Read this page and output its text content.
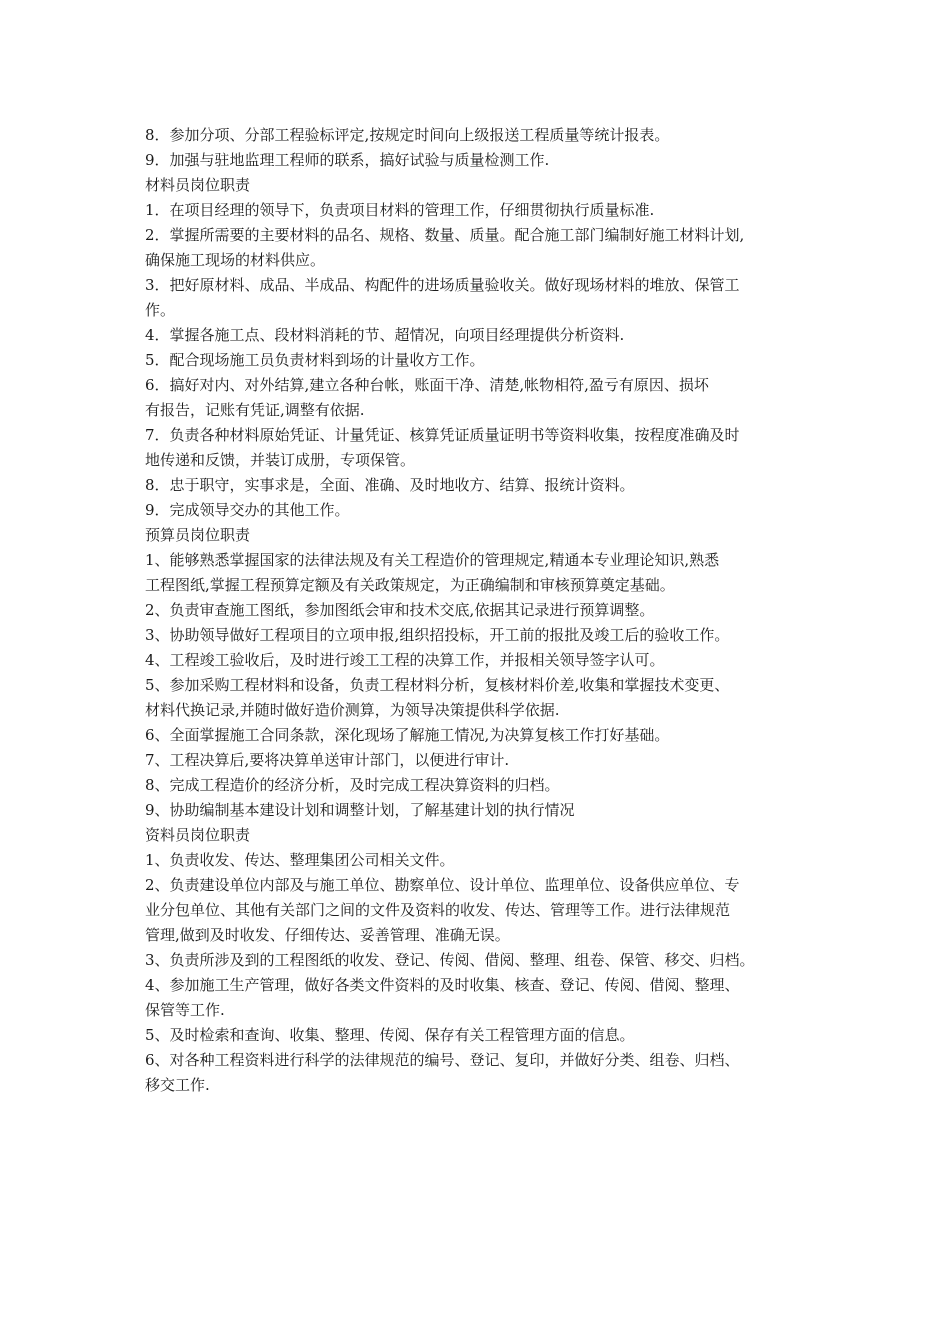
8．参加分项、分部工程验标评定,按规定时间向上级报送工程质量等统计报表。
9．加强与驻地监理工程师的联系，搞好试验与质量检测工作.
材料员岗位职责
1．在项目经理的领导下，负责项目材料的管理工作，仔细贯彻执行质量标准.
2．掌握所需要的主要材料的品名、规格、数量、质量。配合施工部门编制好施工材料计划,
确保施工现场的材料供应。
3．把好原材料、成品、半成品、构配件的进场质量验收关。做好现场材料的堆放、保管工
作。
4．掌握各施工点、段材料消耗的节、超情况，向项目经理提供分析资料.
5．配合现场施工员负责材料到场的计量收方工作。
6．搞好对内、对外结算,建立各种台帐，账面干净、清楚,帐物相符,盈亏有原因、损坏
有报告，记账有凭证,调整有依据.
7．负责各种材料原始凭证、计量凭证、核算凭证质量证明书等资料收集，按程度准确及时
地传递和反馈，并装订成册，专项保管。
8．忠于职守，实事求是，全面、准确、及时地收方、结算、报统计资料。
9．完成领导交办的其他工作。
预算员岗位职责
1、能够熟悉掌握国家的法律法规及有关工程造价的管理规定,精通本专业理论知识,熟悉
工程图纸,掌握工程预算定额及有关政策规定，为正确编制和审核预算奠定基础。
2、负责审查施工图纸，参加图纸会审和技术交底,依据其记录进行预算调整。
3、协助领导做好工程项目的立项申报,组织招投标，开工前的报批及竣工后的验收工作。
4、工程竣工验收后，及时进行竣工工程的决算工作，并报相关领导签字认可。
5、参加采购工程材料和设备，负责工程材料分析，复核材料价差,收集和掌握技术变更、
材料代换记录,并随时做好造价测算，为领导决策提供科学依据.
6、全面掌握施工合同条款，深化现场了解施工情况,为决算复核工作打好基础。
7、工程决算后,要将决算单送审计部门，以便进行审计.
8、完成工程造价的经济分析，及时完成工程决算资料的归档。
9、协助编制基本建设计划和调整计划，了解基建计划的执行情况
资料员岗位职责
1、负责收发、传达、整理集团公司相关文件。
2、负责建设单位内部及与施工单位、勘察单位、设计单位、监理单位、设备供应单位、专
业分包单位、其他有关部门之间的文件及资料的收发、传达、管理等工作。进行法律规范
管理,做到及时收发、仔细传达、妥善管理、准确无误。
3、负责所涉及到的工程图纸的收发、登记、传阅、借阅、整理、组卷、保管、移交、归档。
4、参加施工生产管理，做好各类文件资料的及时收集、核查、登记、传阅、借阅、整理、
保管等工作.
5、及时检索和查询、收集、整理、传阅、保存有关工程管理方面的信息。
6、对各种工程资料进行科学的法律规范的编号、登记、复印，并做好分类、组卷、归档、
移交工作.
